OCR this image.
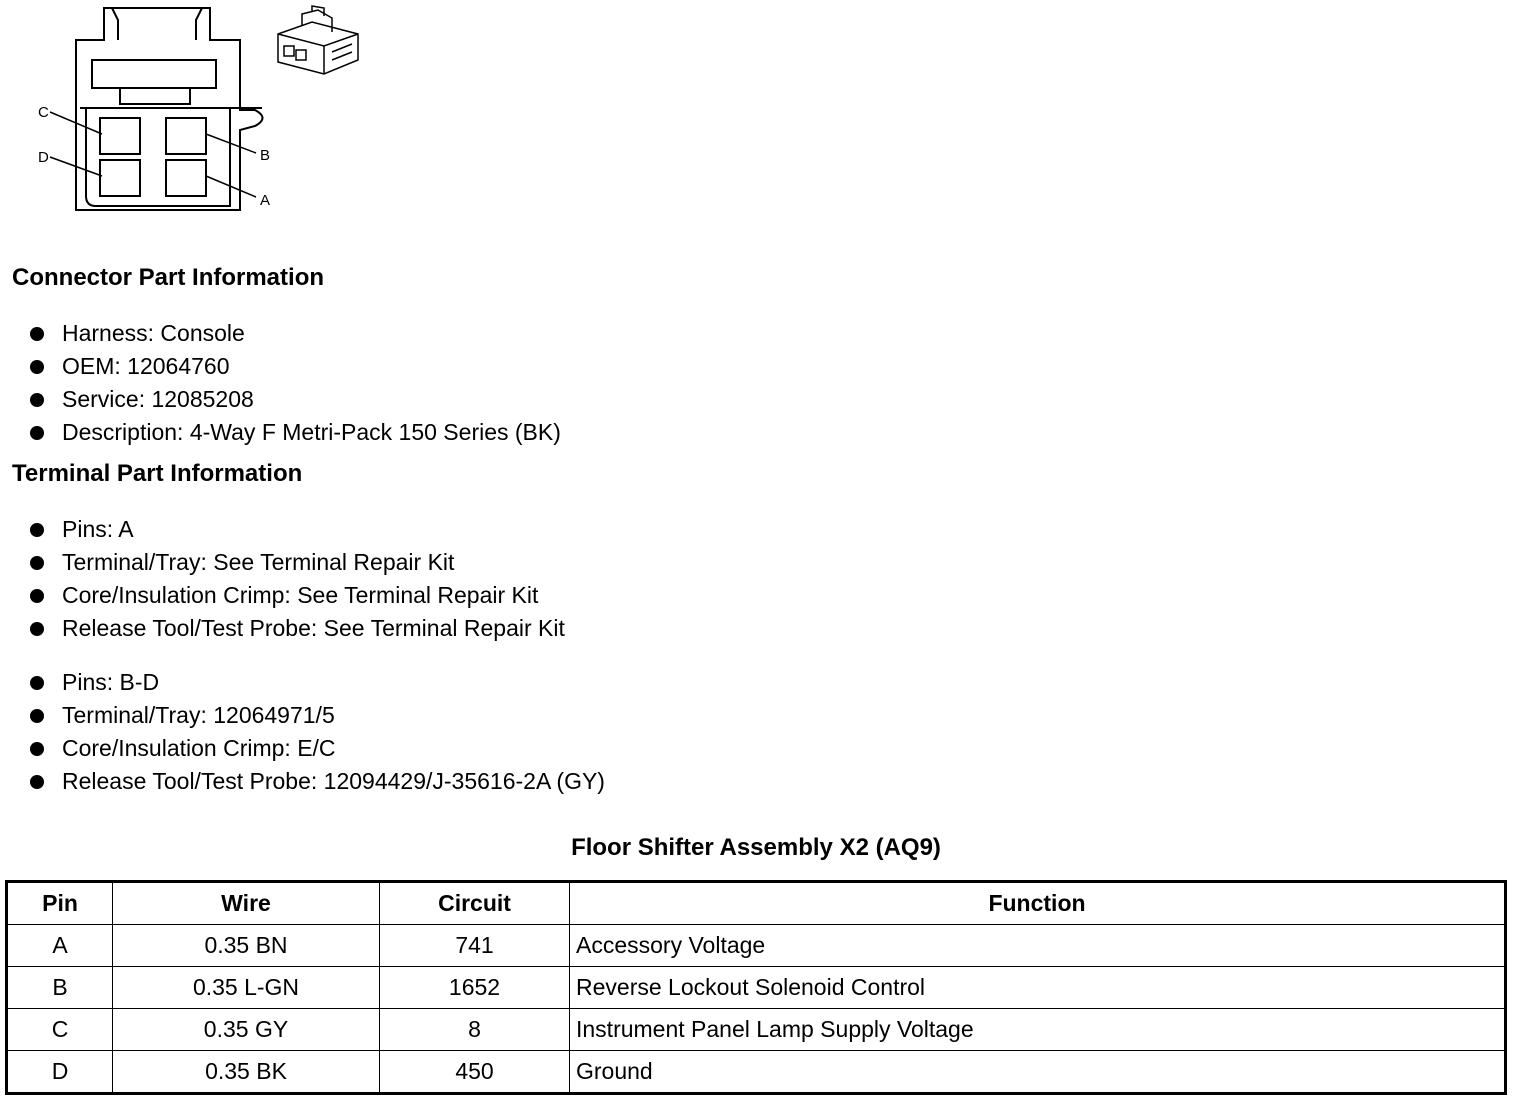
C
D	B
A
Connector Part Information
Harness: Console
OEM: 12064760
Service: 12085208
Description: 4-Way F Metri-Pack 150 Series (BK)
Terminal Part Information
Pins: A
Terminal/Tray: See Terminal Repair Kit
Core/Insulation Crimp: See Terminal Repair Kit
Release Tool/Test Probe: See Terminal Repair Kit
Pins: B-D
Terminal/Tray: 12064971/5
Core/Insulation Crimp: E/C
Release Tool/Test Probe: 12094429/J-35616-2A (GY)
Floor Shifter Assembly X2 (AQ9)
Pin	Wire	Circuit	Function
A	0.35 BN	741	Accessory Voltage
B	0.35 L-GN	1652	Reverse Lockout Solenoid Control
C	0.35 GY	8	Instrument Panel Lamp Supply Voltage
D	0.35 BK	450	Ground
